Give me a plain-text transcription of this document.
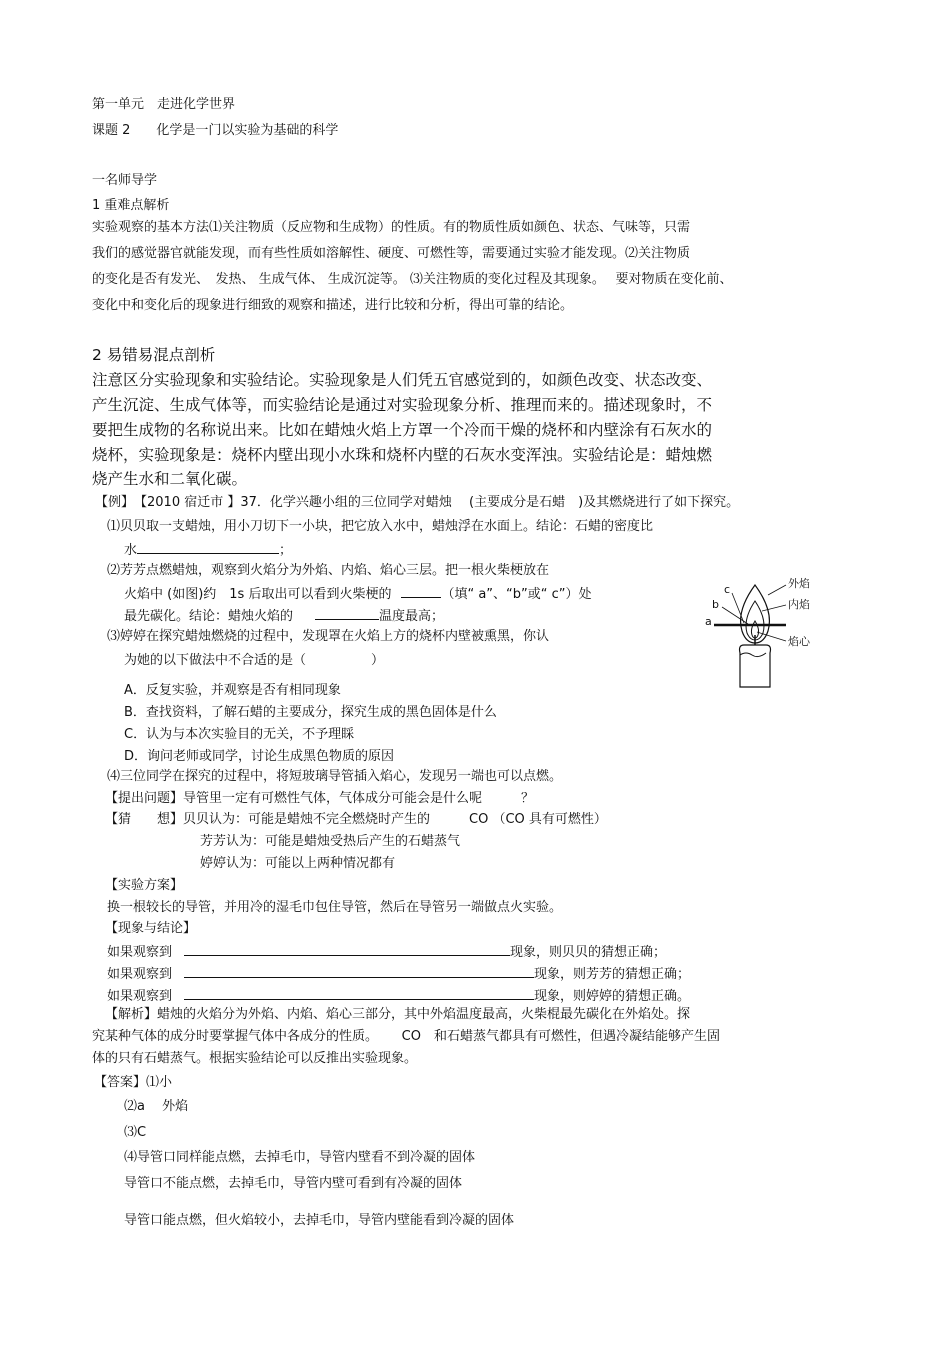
第一单元　走进化学世界
课题 2　　化学是一门以实验为基础的科学
一名师导学
1 重难点解析
实验观察的基本方法⑴关注物质（反应物和生成物）的性质。有的物质性质如颜色、状态、气味等，只需
我们的感觉器官就能发现，而有些性质如溶解性、硬度、可燃性等，需要通过实验才能发现。⑵关注物质
的变化是否有发光、　发热、 生成气体、 生成沉淀等。 ⑶关注物质的变化过程及其现象。　 要对物质在变化前、
变化中和变化后的现象进行细致的观察和描述，进行比较和分析，得出可靠的结论。
2 易错易混点剖析
注意区分实验现象和实验结论。实验现象是人们凭五官感觉到的，如颜色改变、状态改变、
产生沉淀、生成气体等，而实验结论是通过对实验现象分析、推理而来的。描述现象时，不
要把生成物的名称说出来。比如在蜡烛火焰上方罩一个冷而干燥的烧杯和内壁涂有石灰水的
烧杯，实验现象是：烧杯内壁出现小水珠和烧杯内壁的石灰水变浑浊。实验结论是：蜡烛燃
烧产生水和二氧化碳。
【例】　【2010 宿迁市 】37．化学兴趣小组的三位同学对蜡烛　 (主要成分是石蜡　)及其燃烧进行了如下探究。
⑴贝贝取一支蜡烛，用小刀切下一小块，把它放入水中，蜡烛浮在水面上。结论：石蜡的密度比
水	；
⑵芳芳点燃蜡烛，观察到火焰分为外焰、内焰、焰心三层。把一根火柴梗放在
火焰中 (如图)约　1s 后取出可以看到火柴梗的	（填“ a”、“b”或“ c”）处
最先碳化。结论：蜡烛火焰的	温度最高；
⑶婷婷在探究蜡烛燃烧的过程中，发现罩在火焰上方的烧杯内壁被熏黑，你认
为她的以下做法中不合适的是（　　　　　）
A．反复实验，并观察是否有相同现象
B．查找资料，了解石蜡的主要成分，探究生成的黑色固体是什么
C．认为与本次实验目的无关，不予理睬
D．询问老师或同学，讨论生成黑色物质的原因
⑷三位同学在探究的过程中，将短玻璃导管插入焰心，发现另一端也可以点燃。
【提出问题】导管里一定有可燃性气体，气体成分可能会是什么呢　　　？
【猜　　想】贝贝认为：可能是蜡烛不完全燃烧时产生的　　　CO （CO 具有可燃性）
芳芳认为：可能是蜡烛受热后产生的石蜡蒸气
婷婷认为：可能以上两种情况都有
【实验方案】
换一根较长的导管，并用冷的湿毛巾包住导管，然后在导管另一端做点火实验。
【现象与结论】
如果观察到	现象，则贝贝的猜想正确；
如果观察到	现象，则芳芳的猜想正确；
如果观察到	现象，则婷婷的猜想正确。
【解析】蜡烛的火焰分为外焰、内焰、焰心三部分，其中外焰温度最高，火柴棍最先碳化在外焰处。探
究某种气体的成分时要掌握气体中各成分的性质。　　 CO　和石蜡蒸气都具有可燃性，但遇冷凝结能够产生固
体的只有石蜡蒸气。根据实验结论可以反推出实验现象。
【答案】⑴小
⑵a　 外焰
⑶C
⑷导管口同样能点燃，去掉毛巾，导管内壁看不到冷凝的固体
导管口不能点燃，去掉毛巾，导管内壁可看到有冷凝的固体
导管口能点燃，但火焰较小，去掉毛巾，导管内壁能看到冷凝的固体
c
b
a
外焰
内焰
焰心
